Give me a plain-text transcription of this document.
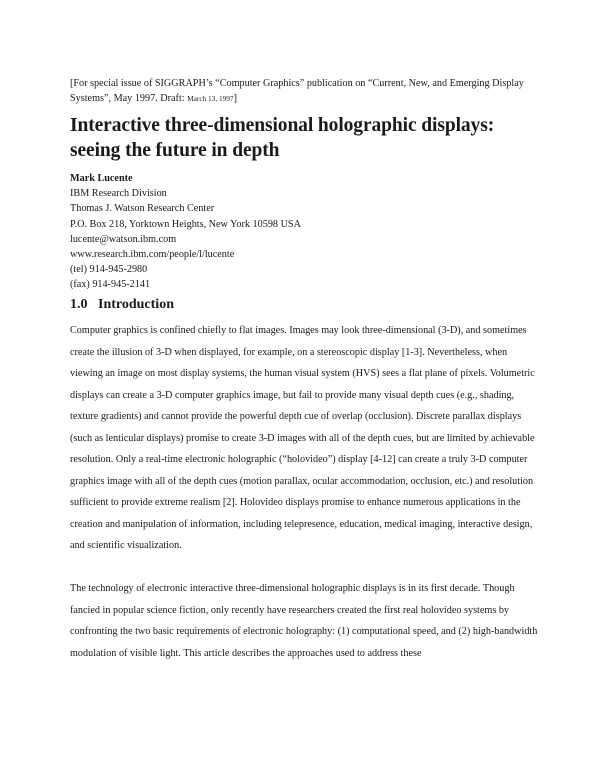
[For special issue of SIGGRAPH’s “Computer Graphics” publication on “Current, New, and Emerging Display Systems”, May 1997. Draft: March 13, 1997]
Interactive three-dimensional holographic displays: seeing the future in depth
Mark Lucente
IBM Research Division
Thomas J. Watson Research Center
P.O. Box 218, Yorktown Heights, New York 10598 USA
lucente@watson.ibm.com
www.research.ibm.com/people/l/lucente
(tel) 914-945-2980
(fax) 914-945-2141
1.0 Introduction

Computer graphics is confined chiefly to flat images. Images may look three-dimensional (3-D), and sometimes create the illusion of 3-D when displayed, for example, on a stereoscopic display [1-3]. Nevertheless, when viewing an image on most display systems, the human visual system (HVS) sees a flat plane of pixels. Volumetric displays can create a 3-D computer graphics image, but fail to provide many visual depth cues (e.g., shading, texture gradients) and cannot provide the powerful depth cue of overlap (occlusion). Discrete parallax displays (such as lenticular displays) promise to create 3-D images with all of the depth cues, but are limited by achievable resolution. Only a real-time electronic holographic (“holovideo”) display [4-12] can create a truly 3-D computer graphics image with all of the depth cues (motion parallax, ocular accommodation, occlusion, etc.) and resolution sufficient to provide extreme realism [2]. Holovideo displays promise to enhance numerous applications in the creation and manipulation of information, including telepresence, education, medical imaging, interactive design, and scientific visualization.

The technology of electronic interactive three-dimensional holographic displays is in its first decade. Though fancied in popular science fiction, only recently have researchers created the first real holovideo systems by confronting the two basic requirements of electronic holography: (1) computational speed, and (2) high-bandwidth modulation of visible light. This article describes the approaches used to address these
